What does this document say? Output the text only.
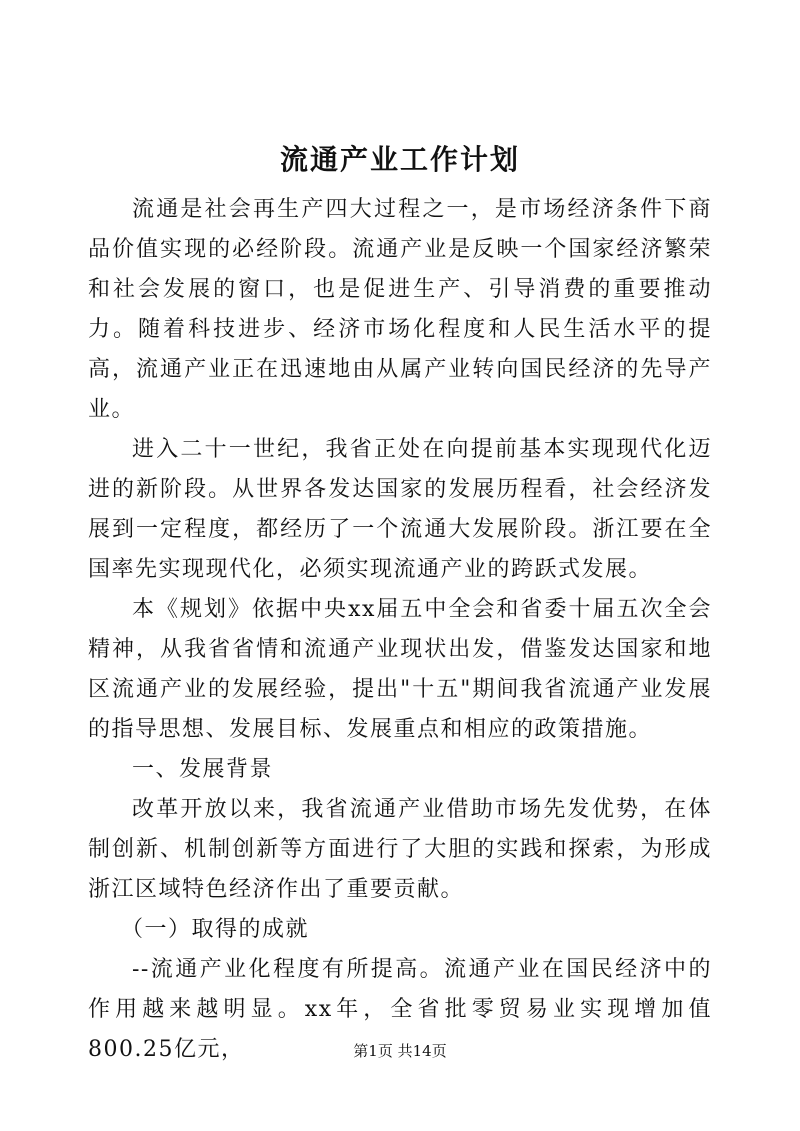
流通产业工作计划

流通是社会再生产四大过程之一，是市场经济条件下商品价值实现的必经阶段。流通产业是反映一个国家经济繁荣和社会发展的窗口，也是促进生产、引导消费的重要推动力。随着科技进步、经济市场化程度和人民生活水平的提高，流通产业正在迅速地由从属产业转向国民经济的先导产业。

进入二十一世纪，我省正处在向提前基本实现现代化迈进的新阶段。从世界各发达国家的发展历程看，社会经济发展到一定程度，都经历了一个流通大发展阶段。浙江要在全国率先实现现代化，必须实现流通产业的跨跃式发展。

本《规划》依据中央xx届五中全会和省委十届五次全会精神，从我省省情和流通产业现状出发，借鉴发达国家和地区流通产业的发展经验，提出"十五"期间我省流通产业发展的指导思想、发展目标、发展重点和相应的政策措施。

一、发展背景

改革开放以来，我省流通产业借助市场先发优势，在体制创新、机制创新等方面进行了大胆的实践和探索，为形成浙江区域特色经济作出了重要贡献。

（一）取得的成就

--流通产业化程度有所提高。流通产业在国民经济中的作用越来越明显。xx年，全省批零贸易业实现增加值800.25亿元，	第1页 共14页
